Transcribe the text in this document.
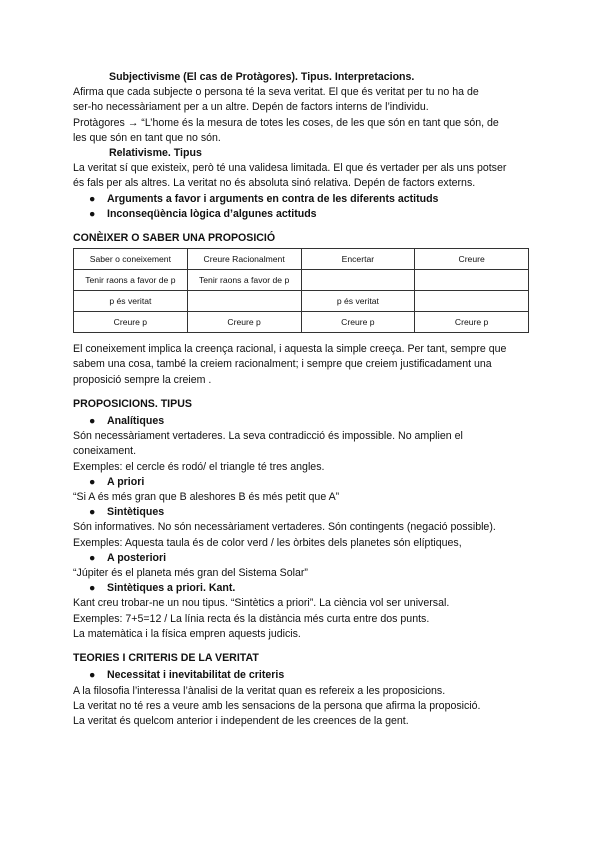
Subjectivisme (El cas de Protàgores). Tipus. Interpretacions.
Afirma que cada subjecte o persona té la seva veritat. El que és veritat per tu no ha de
ser-ho necessàriament per a un altre. Depén de factors interns de l’individu.
Protàgores → “L’home és la mesura de totes les coses, de les que són en tant que són, de
les que són en tant que no són.
Relativisme. Tipus
La veritat sí que existeix, però té una validesa limitada. El que és vertader per als uns potser
és fals per als altres. La veritat no és absoluta sinó relativa. Depén de factors externs.
●	Arguments a favor i arguments en contra de les diferents actituds
●	Inconseqüència lògica d’algunes actituds
CONÈIXER O SABER UNA PROPOSICIÓ
Saber o coneixement	Creure Racionalment	Encertar	Creure
Tenir raons a favor de p	Tenir raons a favor de p		
p és veritat		p és veritat	
Creure p	Creure p	Creure p	Creure p
El coneixement implica la creença racional, i aquesta la simple creeça. Per tant, sempre que
sabem una cosa, també la creiem racionalment; i sempre que creiem justificadament una
proposició sempre la creiem .
PROPOSICIONS. TIPUS
●	Analítiques
Són necessàriament vertaderes. La seva contradicció és impossible. No amplien el
coneixament.
Exemples: el cercle és rodó/ el triangle té tres angles.
●	A priori
“Si A és més gran que B aleshores B és més petit que A”
●	Sintètiques
Són informatives. No són necessàriament vertaderes. Són contingents (negació possible).
Exemples: Aquesta taula és de color verd / les òrbites dels planetes són elíptiques,
●	A posteriori
“Júpiter és el planeta més gran del Sistema Solar”
●	Sintètiques a priori. Kant.
Kant creu trobar-ne un nou tipus. “Sintètics a priori”. La ciència vol ser universal.
Exemples: 7+5=12 / La línia recta és la distància més curta entre dos punts.
La matemàtica i la física empren aquests judicis.
TEORIES I CRITERIS DE LA VERITAT
●	Necessitat i inevitabilitat de criteris
A la filosofia l’interessa l’ànalisi de la veritat quan es refereix a les proposicions.
La veritat no té res a veure amb les sensacions de la persona que afirma la proposició.
La veritat és quelcom anterior i independent de les creences de la gent.
